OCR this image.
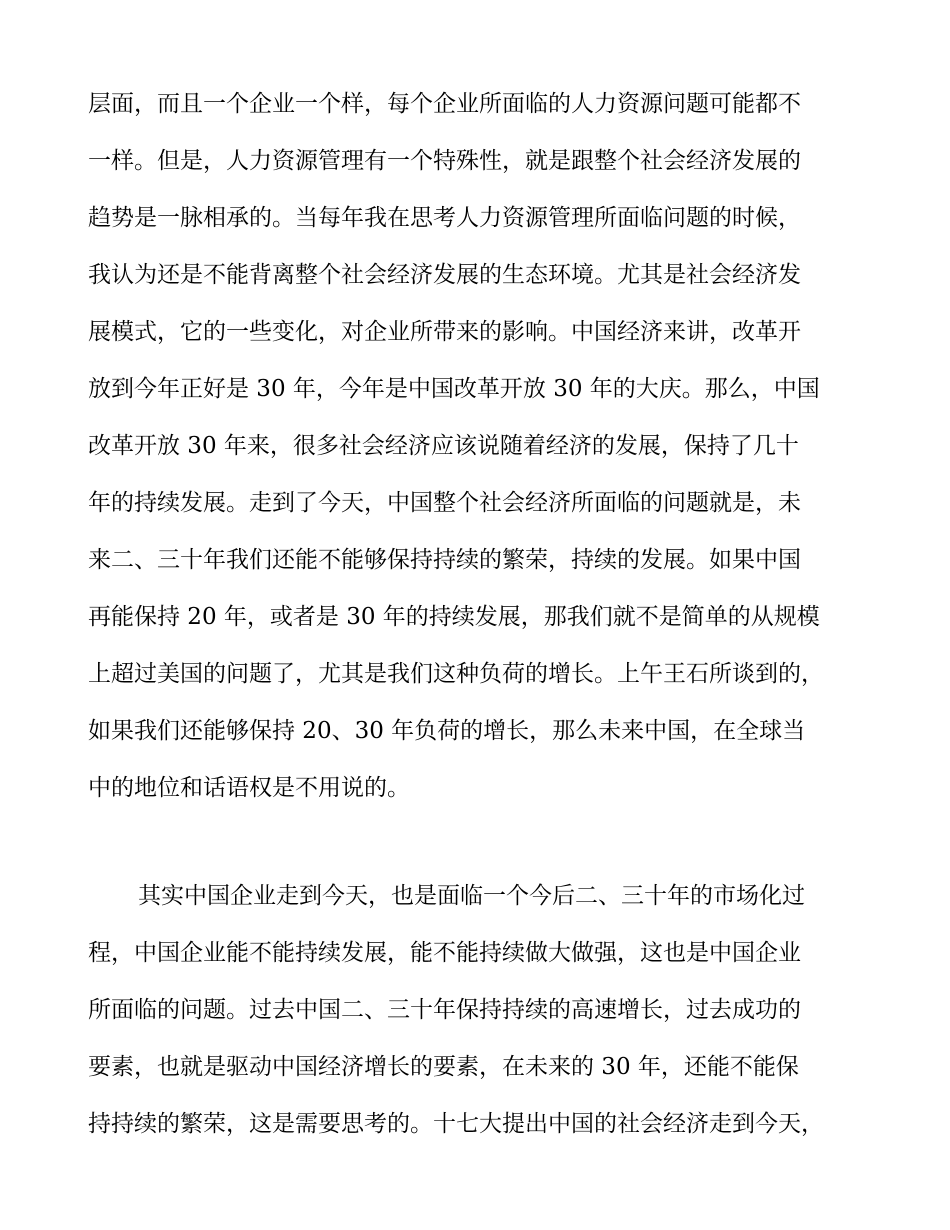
层面，而且一个企业一个样，每个企业所面临的人力资源问题可能都不
一样。但是，人力资源管理有一个特殊性，就是跟整个社会经济发展的
趋势是一脉相承的。当每年我在思考人力资源管理所面临问题的时候，
我认为还是不能背离整个社会经济发展的生态环境。尤其是社会经济发
展模式，它的一些变化，对企业所带来的影响。中国经济来讲，改革开
放到今年正好是 30 年，今年是中国改革开放 30 年的大庆。那么，中国
改革开放 30 年来，很多社会经济应该说随着经济的发展，保持了几十
年的持续发展。走到了今天，中国整个社会经济所面临的问题就是，未
来二、三十年我们还能不能够保持持续的繁荣，持续的发展。如果中国
再能保持 20 年，或者是 30 年的持续发展，那我们就不是简单的从规模
上超过美国的问题了，尤其是我们这种负荷的增长。上午王石所谈到的，
如果我们还能够保持 20、30 年负荷的增长，那么未来中国，在全球当
中的地位和话语权是不用说的。
其实中国企业走到今天，也是面临一个今后二、三十年的市场化过
程，中国企业能不能持续发展，能不能持续做大做强，这也是中国企业
所面临的问题。过去中国二、三十年保持持续的高速增长，过去成功的
要素，也就是驱动中国经济增长的要素，在未来的 30 年，还能不能保
持持续的繁荣，这是需要思考的。十七大提出中国的社会经济走到今天，
